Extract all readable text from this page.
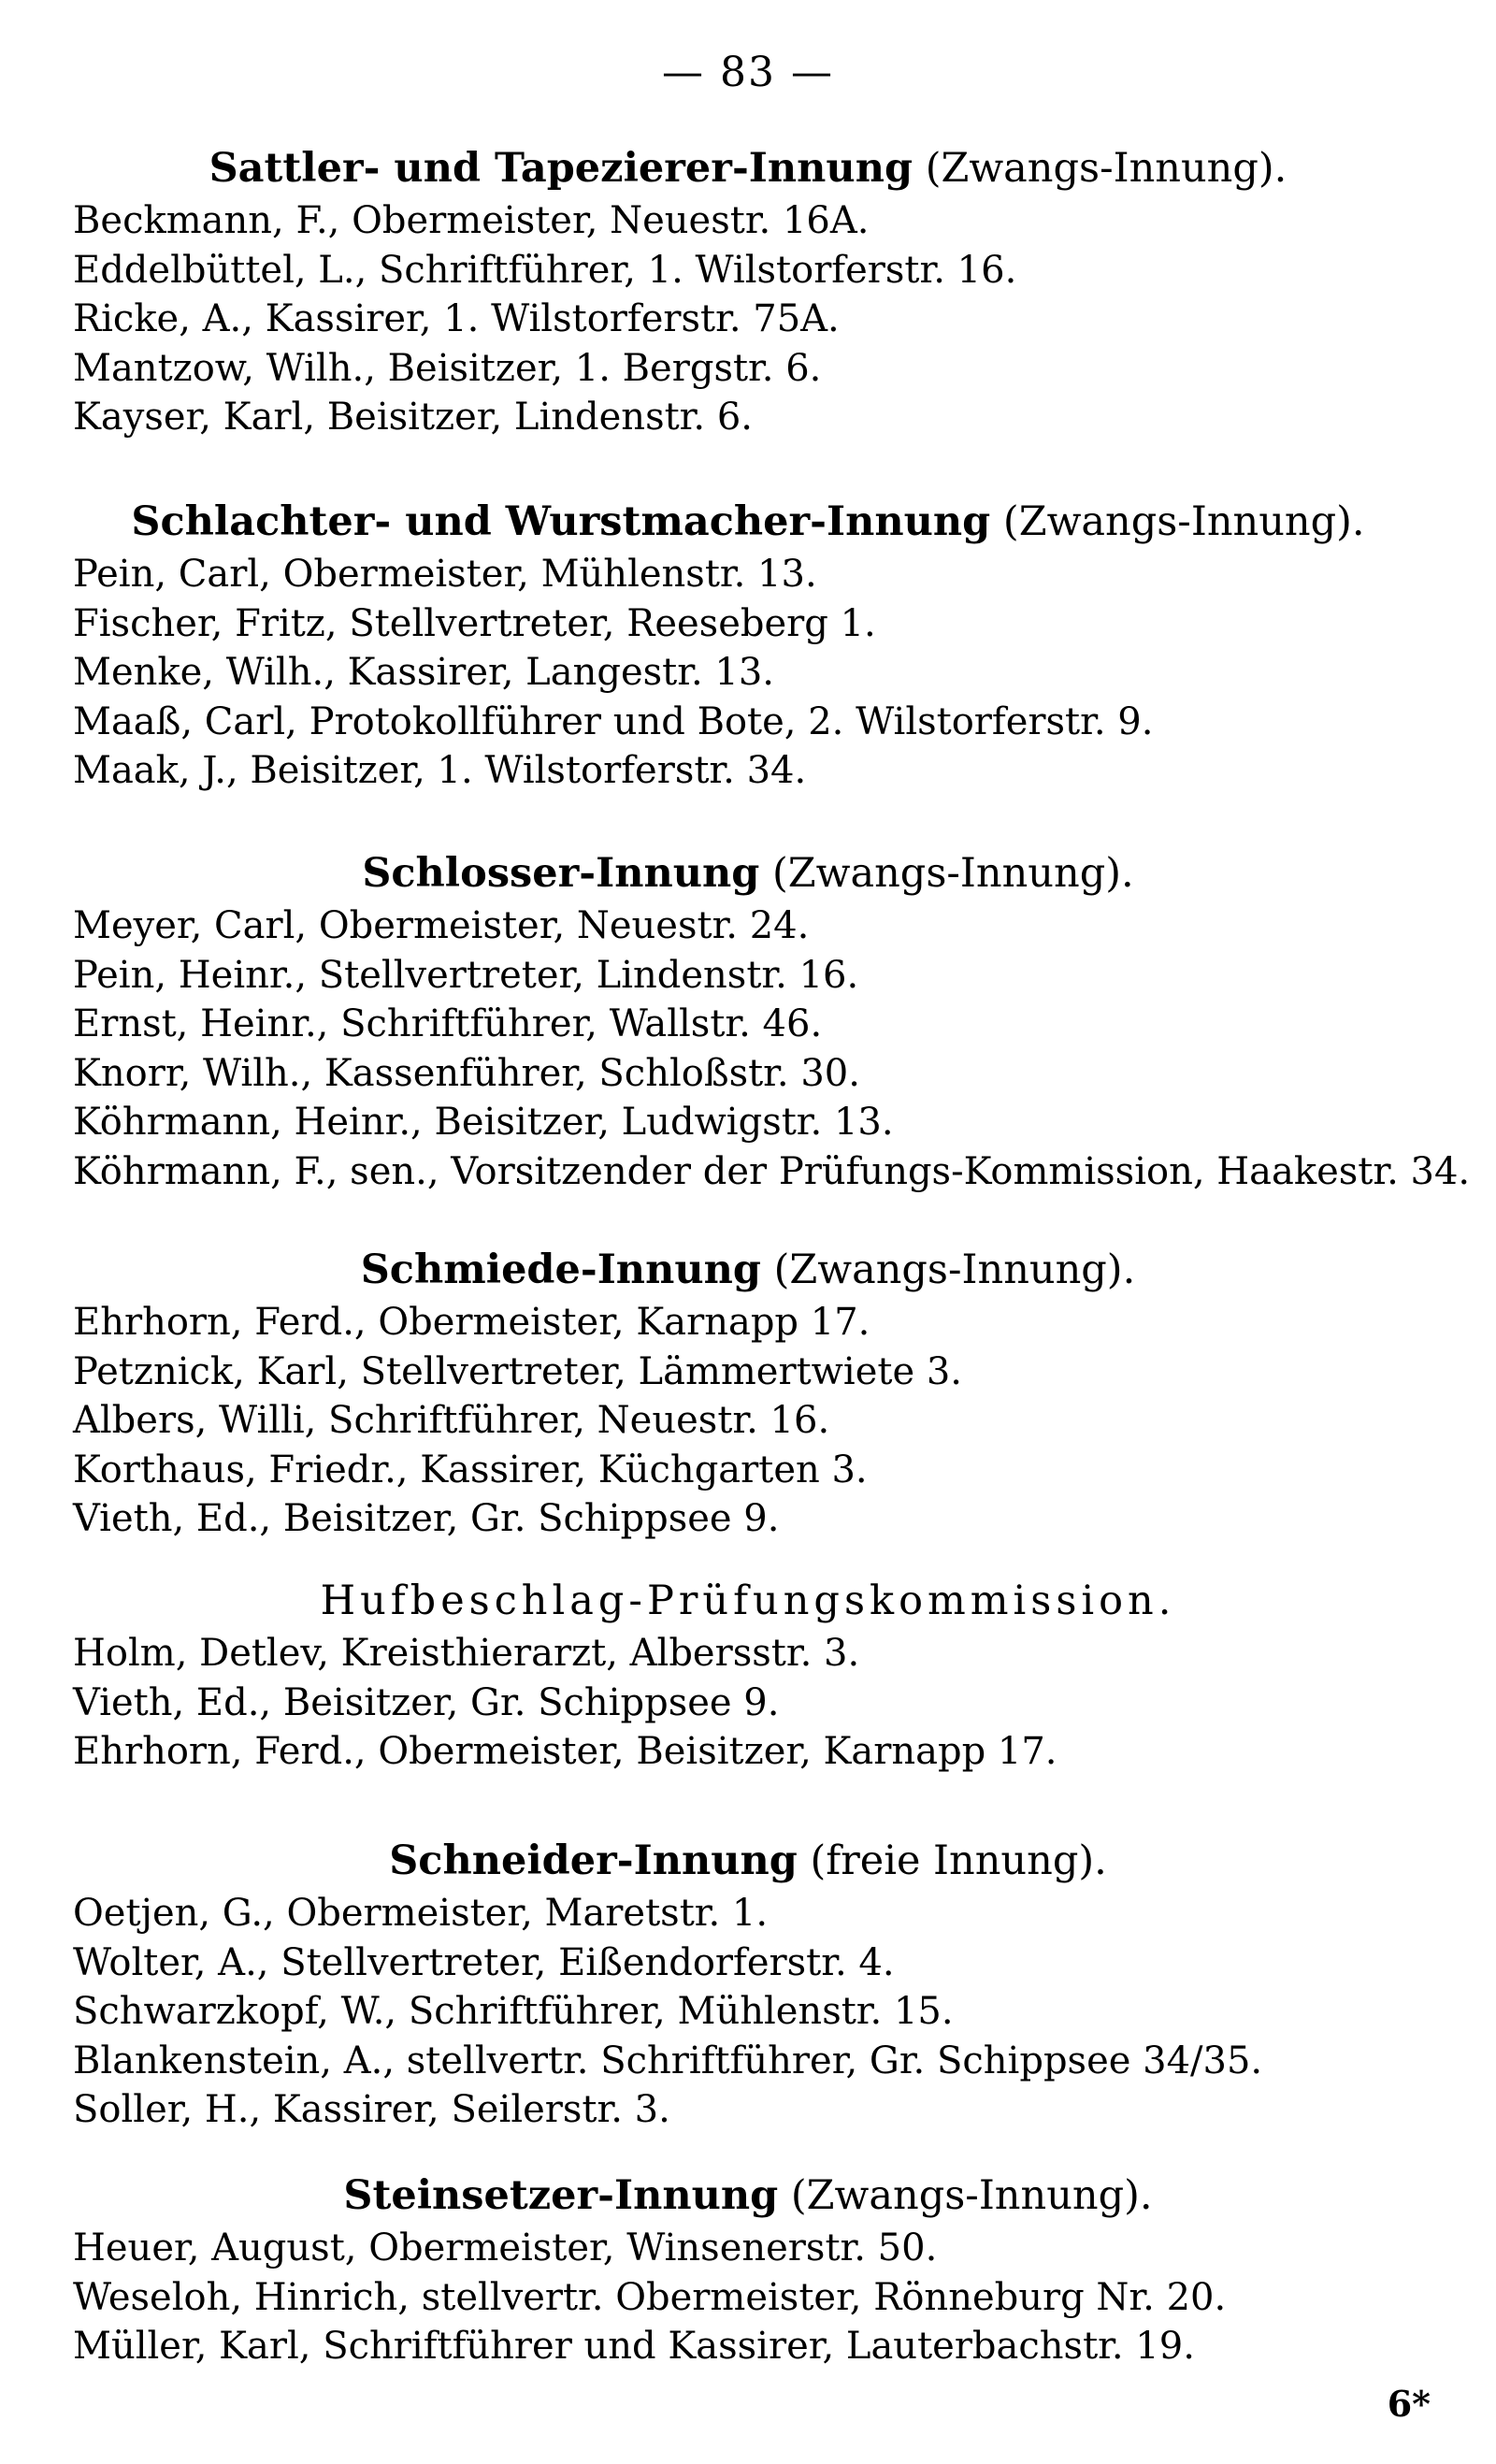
— 83 —
Sattler- und Tapezierer-Innung (Zwangs-Innung).
Beckmann, F., Obermeister, Neuestr. 16A.
Eddelbüttel, L., Schriftführer, 1. Wilstorferstr. 16.
Ricke, A., Kassirer, 1. Wilstorferstr. 75A.
Mantzow, Wilh., Beisitzer, 1. Bergstr. 6.
Kayser, Karl, Beisitzer, Lindenstr. 6.
Schlachter- und Wurstmacher-Innung (Zwangs-Innung).
Pein, Carl, Obermeister, Mühlenstr. 13.
Fischer, Fritz, Stellvertreter, Reeseberg 1.
Menke, Wilh., Kassirer, Langestr. 13.
Maaß, Carl, Protokollführer und Bote, 2. Wilstorferstr. 9.
Maak, J., Beisitzer, 1. Wilstorferstr. 34.
Schlosser-Innung (Zwangs-Innung).
Meyer, Carl, Obermeister, Neuestr. 24.
Pein, Heinr., Stellvertreter, Lindenstr. 16.
Ernst, Heinr., Schriftführer, Wallstr. 46.
Knorr, Wilh., Kassenführer, Schloßstr. 30.
Köhrmann, Heinr., Beisitzer, Ludwigstr. 13.
Köhrmann, F., sen., Vorsitzender der Prüfungs-Kommission, Haakestr. 34.
Schmiede-Innung (Zwangs-Innung).
Ehrhorn, Ferd., Obermeister, Karnapp 17.
Petznick, Karl, Stellvertreter, Lämmertwiete 3.
Albers, Willi, Schriftführer, Neuestr. 16.
Korthaus, Friedr., Kassirer, Küchgarten 3.
Vieth, Ed., Beisitzer, Gr. Schippsee 9.
Hufbeschlag-Prüfungskommission.
Holm, Detlev, Kreisthierarzt, Albersstr. 3.
Vieth, Ed., Beisitzer, Gr. Schippsee 9.
Ehrhorn, Ferd., Obermeister, Beisitzer, Karnapp 17.
Schneider-Innung (freie Innung).
Oetjen, G., Obermeister, Maretstr. 1.
Wolter, A., Stellvertreter, Eißendorferstr. 4.
Schwarzkopf, W., Schriftführer, Mühlenstr. 15.
Blankenstein, A., stellvertr. Schriftführer, Gr. Schippsee 34/35.
Soller, H., Kassirer, Seilerstr. 3.
Steinsetzer-Innung (Zwangs-Innung).
Heuer, August, Obermeister, Winsenerstr. 50.
Weseloh, Hinrich, stellvertr. Obermeister, Rönneburg Nr. 20.
Müller, Karl, Schriftführer und Kassirer, Lauterbachstr. 19.
6*
